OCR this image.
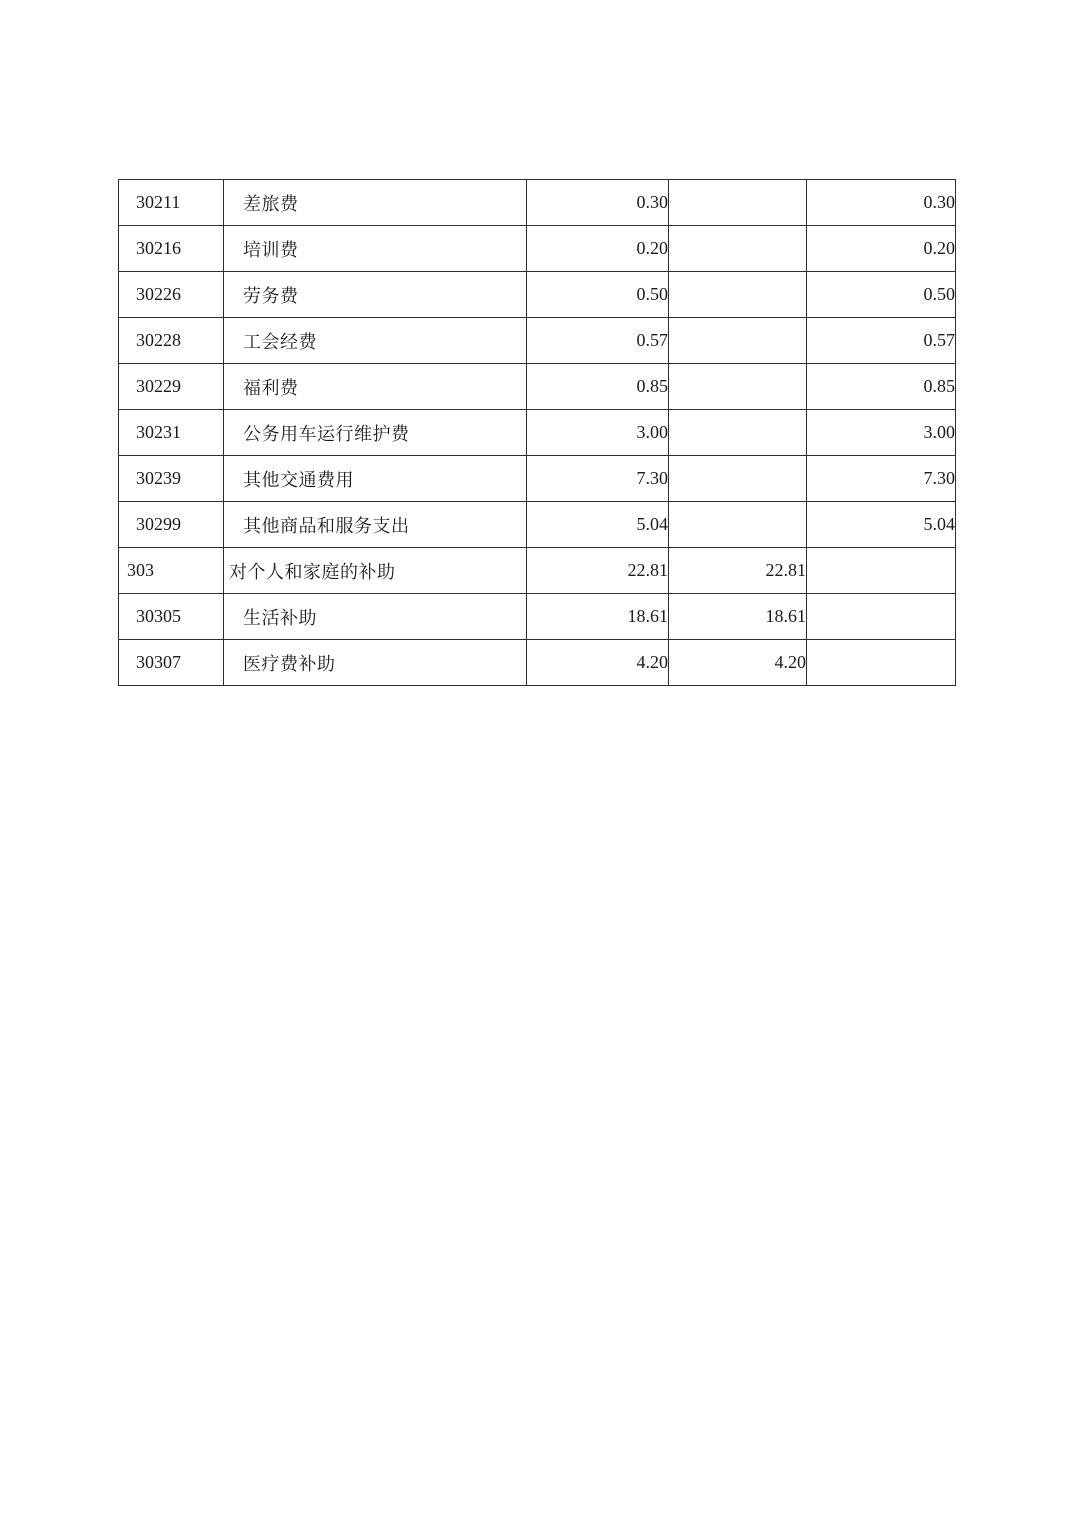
30211	差旅费	0.30		0.30
30216	培训费	0.20		0.20
30226	劳务费	0.50		0.50
30228	工会经费	0.57		0.57
30229	福利费	0.85		0.85
30231	公务用车运行维护费	3.00		3.00
30239	其他交通费用	7.30		7.30
30299	其他商品和服务支出	5.04		5.04
303	对个人和家庭的补助	22.81	22.81	
30305	生活补助	18.61	18.61	
30307	医疗费补助	4.20	4.20	
